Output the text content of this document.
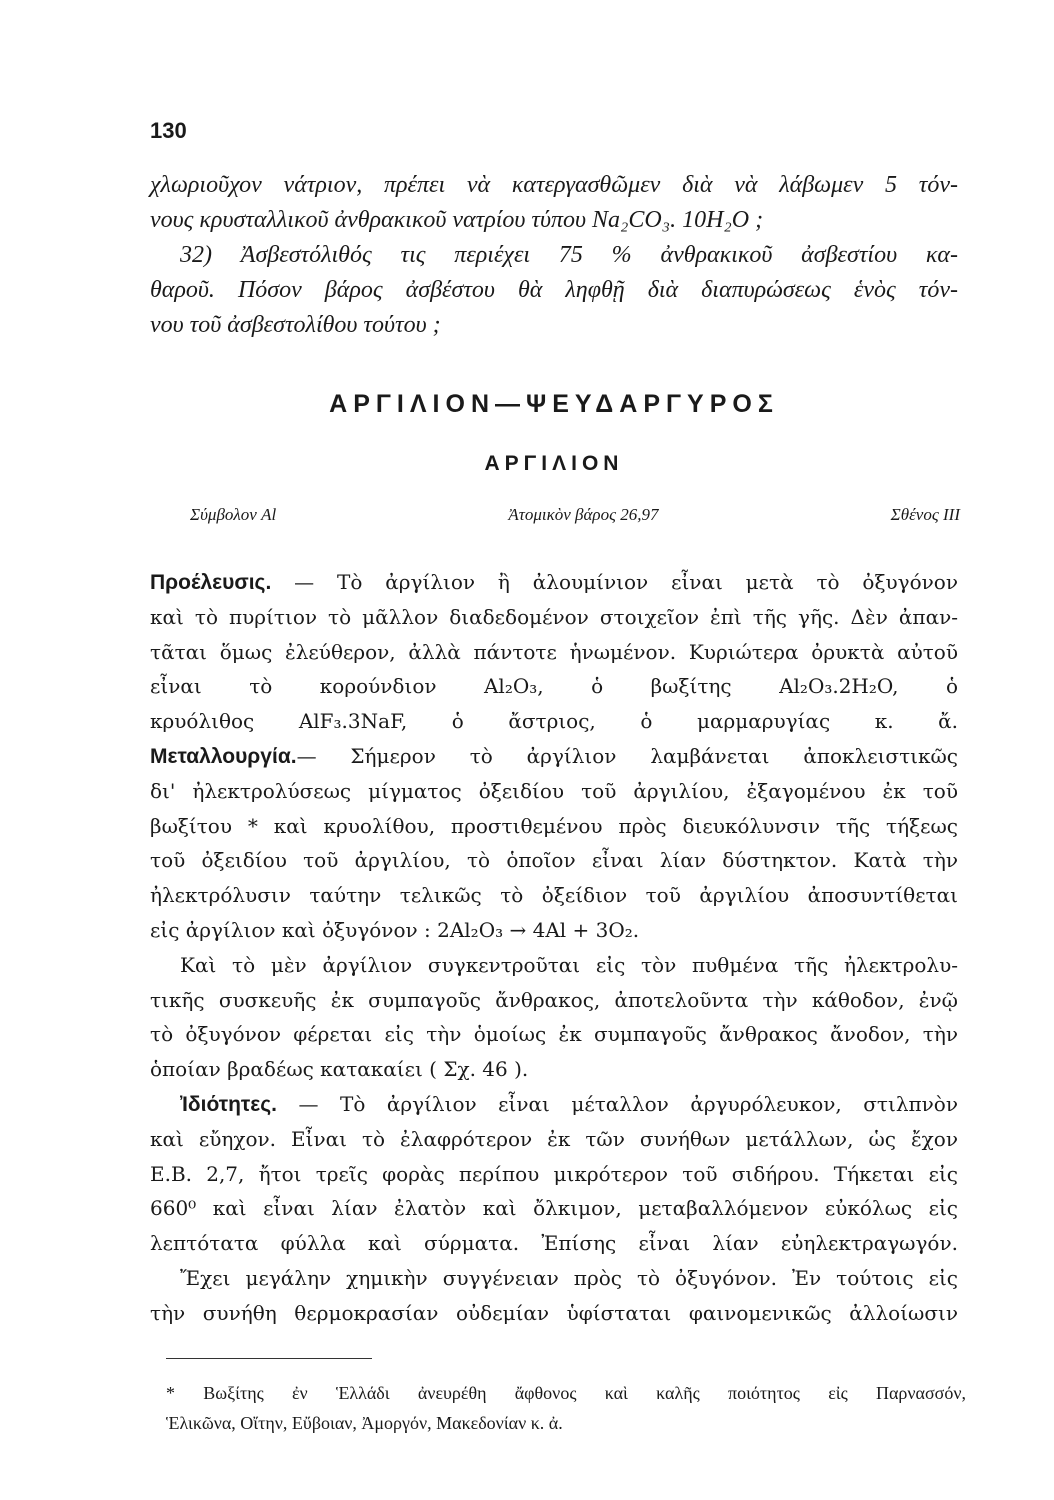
130
χλωριοῦχον νάτριον, πρέπει νὰ κατεργασθῶμεν διὰ νὰ λάβωμεν 5 τόν-
νους κρυσταλλικοῦ ἀνθρακικοῦ νατρίου τύπου Na₂CO₃. 10H₂O ;
32) Ἀσβεστόλιθός τις περιέχει 75 % ἀνθρακικοῦ ἀσβεστίου κα-
θαροῦ. Πόσον βάρος ἀσβέστου θὰ ληφθῇ διὰ διαπυρώσεως ἑνὸς τόν-
νου τοῦ ἀσβεστολίθου τούτου ;
ΑΡΓΙΛΙΟΝ—ΨΕΥΔΑΡΓΥΡΟΣ
ΑΡΓΙΛΙΟΝ
Σύμβολον Al	Ἀτομικὸν βάρος 26,97	Σθένος III
Προέλευσις. — Τὸ ἀργίλιον ἢ ἀλουμίνιον εἶναι μετὰ τὸ ὀξυγόνον
καὶ τὸ πυρίτιον τὸ μᾶλλον διαδεδομένον στοιχεῖον ἐπὶ τῆς γῆς. Δὲν ἀπαν-
τᾶται ὅμως ἐλεύθερον, ἀλλὰ πάντοτε ἡνωμένον. Κυριώτερα ὀρυκτὰ αὐτοῦ
εἶναι τὸ κορούνδιον Al₂O₃, ὁ βωξίτης Al₂O₃.2H₂O, ὁ
κρυόλιθος AlF₃.3NaF, ὁ ἄστριος, ὁ μαρμαρυγίας κ. ἄ.
Μεταλλουργία.— Σήμερον τὸ ἀργίλιον λαμβάνεται ἀποκλειστικῶς
δι' ἠλεκτρολύσεως μίγματος ὀξειδίου τοῦ ἀργιλίου, ἐξαγομένου ἐκ τοῦ
βωξίτου * καὶ κρυολίθου, προστιθεμένου πρὸς διευκόλυνσιν τῆς τήξεως
τοῦ ὀξειδίου τοῦ ἀργιλίου, τὸ ὁποῖον εἶναι λίαν δύστηκτον. Κατὰ τὴν
ἠλεκτρόλυσιν ταύτην τελικῶς τὸ ὀξείδιον τοῦ ἀργιλίου ἀποσυντίθεται
εἰς ἀργίλιον καὶ ὀξυγόνον : 2Al₂O₃ → 4Al + 3O₂.
Καὶ τὸ μὲν ἀργίλιον συγκεντροῦται εἰς τὸν πυθμένα τῆς ἠλεκτρολυ-
τικῆς συσκευῆς ἐκ συμπαγοῦς ἄνθρακος, ἀποτελοῦντα τὴν κάθοδον, ἐνῷ
τὸ ὀξυγόνον φέρεται εἰς τὴν ὁμοίως ἐκ συμπαγοῦς ἄνθρακος ἄνοδον, τὴν
ὁποίαν βραδέως κατακαίει ( Σχ. 46 ).
Ἰδιότητες. — Τὸ ἀργίλιον εἶναι μέταλλον ἀργυρόλευκον, στιλπνὸν
καὶ εὔηχον. Εἶναι τὸ ἐλαφρότερον ἐκ τῶν συνήθων μετάλλων, ὡς ἔχον
Ε.Β. 2,7, ἤτοι τρεῖς φορὰς περίπου μικρότερον τοῦ σιδήρου. Τήκεται εἰς
660⁰ καὶ εἶναι λίαν ἐλατὸν καὶ ὄλκιμον, μεταβαλλόμενον εὐκόλως εἰς
λεπτότατα φύλλα καὶ σύρματα. Ἐπίσης εἶναι λίαν εὐηλεκτραγωγόν.
Ἔχει μεγάλην χημικὴν συγγένειαν πρὸς τὸ ὀξυγόνον. Ἐν τούτοις εἰς
τὴν συνήθη θερμοκρασίαν οὐδεμίαν ὑφίσταται φαινομενικῶς ἀλλοίωσιν
* Βωξίτης ἐν Ἑλλάδι ἀνευρέθη ἄφθονος καὶ καλῆς ποιότητος εἰς Παρνασσόν,
Ἑλικῶνα, Οἴτην, Εὔβοιαν, Ἀμοργόν, Μακεδονίαν κ. ἀ.
